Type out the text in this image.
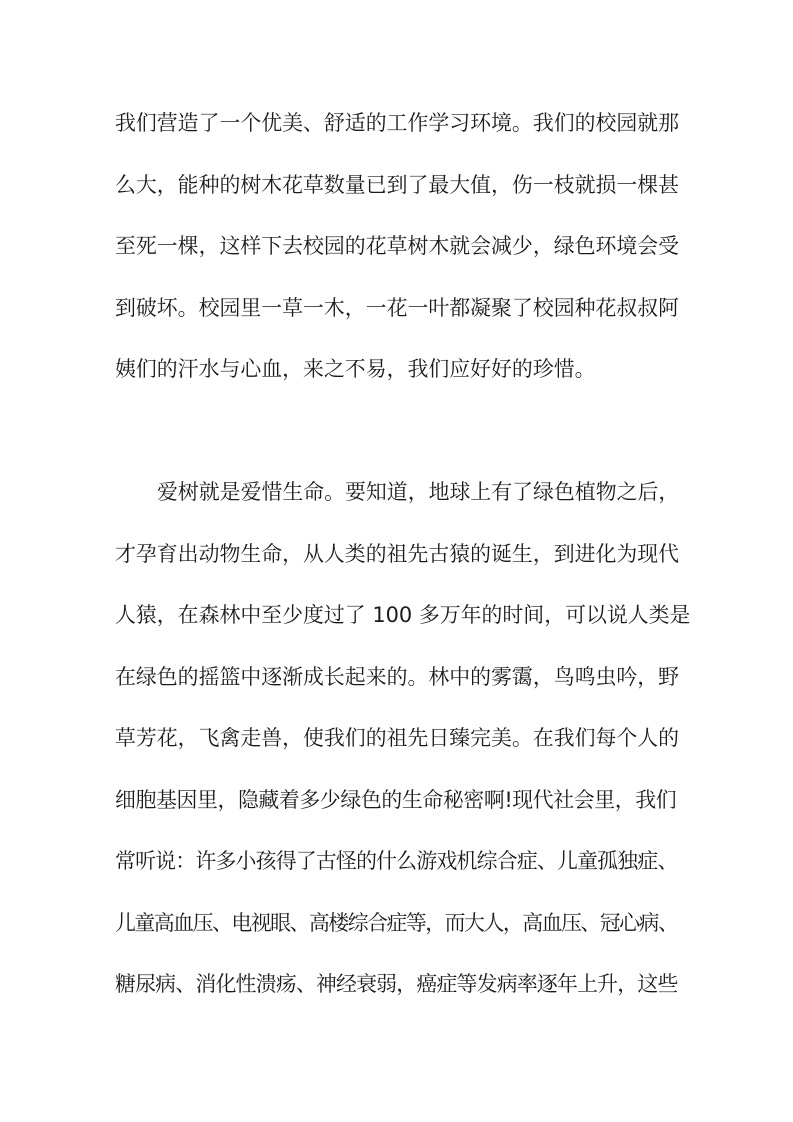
我们营造了一个优美、舒适的工作学习环境。我们的校园就那
么大，能种的树木花草数量已到了最大值，伤一枝就损一棵甚
至死一棵，这样下去校园的花草树木就会减少，绿色环境会受
到破坏。校园里一草一木，一花一叶都凝聚了校园种花叔叔阿
姨们的汗水与心血，来之不易，我们应好好的珍惜。
爱树就是爱惜生命。要知道，地球上有了绿色植物之后，
才孕育出动物生命，从人类的祖先古猿的诞生，到进化为现代
人猿，在森林中至少度过了 100 多万年的时间，可以说人类是
在绿色的摇篮中逐渐成长起来的。林中的雾霭，鸟鸣虫吟，野
草芳花，飞禽走兽，使我们的祖先日臻完美。在我们每个人的
细胞基因里，隐藏着多少绿色的生命秘密啊!现代社会里，我们
常听说：许多小孩得了古怪的什么游戏机综合症、儿童孤独症、
儿童高血压、电视眼、高楼综合症等，而大人，高血压、冠心病、
糖尿病、消化性溃疡、神经衰弱，癌症等发病率逐年上升，这些
